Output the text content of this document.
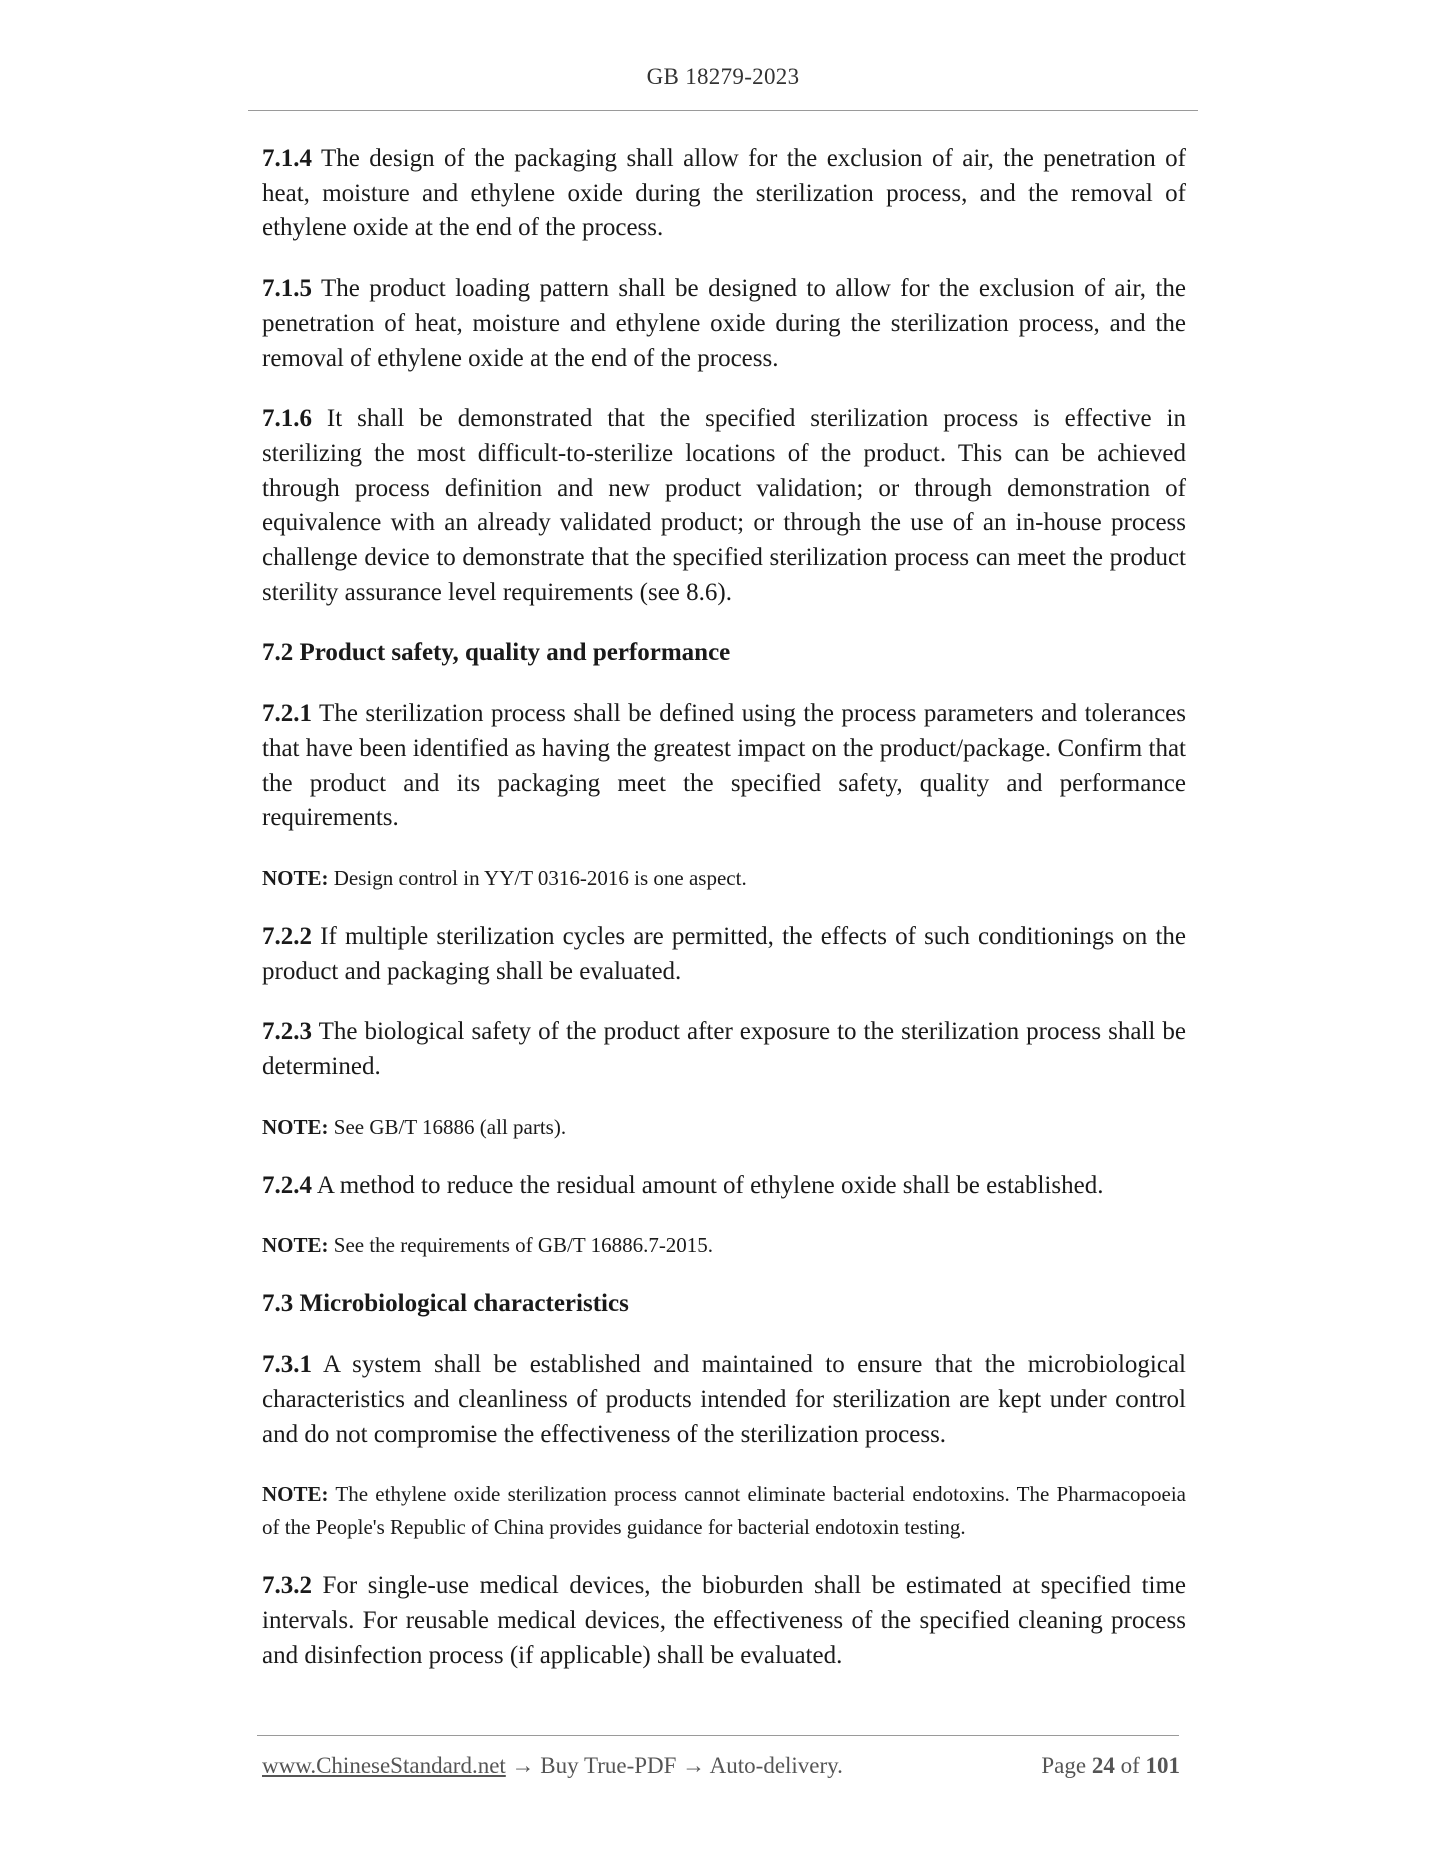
GB 18279-2023

7.1.4 The design of the packaging shall allow for the exclusion of air, the penetration of heat, moisture and ethylene oxide during the sterilization process, and the removal of ethylene oxide at the end of the process.

7.1.5 The product loading pattern shall be designed to allow for the exclusion of air, the penetration of heat, moisture and ethylene oxide during the sterilization process, and the removal of ethylene oxide at the end of the process.

7.1.6 It shall be demonstrated that the specified sterilization process is effective in sterilizing the most difficult-to-sterilize locations of the product. This can be achieved through process definition and new product validation; or through demonstration of equivalence with an already validated product; or through the use of an in-house process challenge device to demonstrate that the specified sterilization process can meet the product sterility assurance level requirements (see 8.6).

7.2 Product safety, quality and performance

7.2.1 The sterilization process shall be defined using the process parameters and tolerances that have been identified as having the greatest impact on the product/package. Confirm that the product and its packaging meet the specified safety, quality and performance requirements.

NOTE: Design control in YY/T 0316-2016 is one aspect.

7.2.2 If multiple sterilization cycles are permitted, the effects of such conditionings on the product and packaging shall be evaluated.

7.2.3 The biological safety of the product after exposure to the sterilization process shall be determined.

NOTE: See GB/T 16886 (all parts).

7.2.4 A method to reduce the residual amount of ethylene oxide shall be established.

NOTE: See the requirements of GB/T 16886.7-2015.

7.3 Microbiological characteristics

7.3.1 A system shall be established and maintained to ensure that the microbiological characteristics and cleanliness of products intended for sterilization are kept under control and do not compromise the effectiveness of the sterilization process.

NOTE: The ethylene oxide sterilization process cannot eliminate bacterial endotoxins. The Pharmacopoeia of the People's Republic of China provides guidance for bacterial endotoxin testing.

7.3.2 For single-use medical devices, the bioburden shall be estimated at specified time intervals. For reusable medical devices, the effectiveness of the specified cleaning process and disinfection process (if applicable) shall be evaluated.

www.ChineseStandard.net → Buy True-PDF → Auto-delivery.	Page 24 of 101
